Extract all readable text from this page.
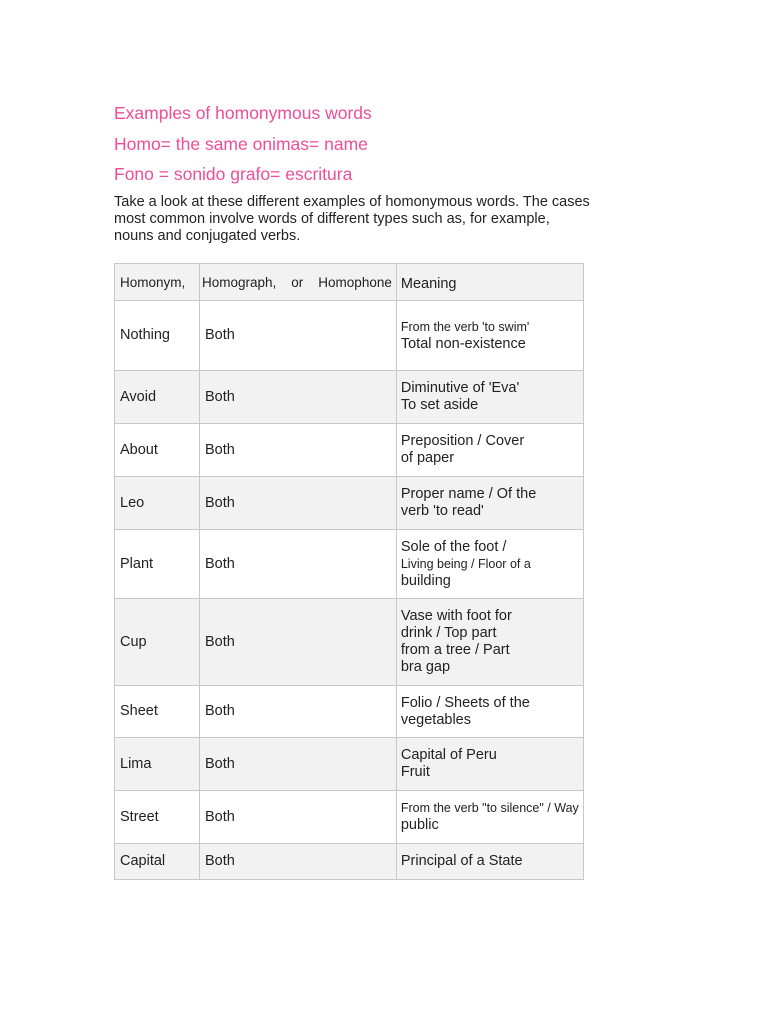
Examples of homonymous words
Homo= the same onimas= name
Fono = sonido grafo= escritura

Take a look at these different examples of homonymous words. The cases
most common involve words of different types such as, for example,
nouns and conjugated verbs.

Homonym,	Homograph,    or    Homophone	Meaning
Nothing	Both	From the verb 'to swim'
Total non-existence

Avoid	Both	Diminutive of 'Eva'
To set aside

About	Both	Preposition / Cover
of paper

Leo	Both	Proper name / Of the
verb 'to read'

Plant	Both	Sole of the foot /
Living being / Floor of a
building

Cup	Both	Vase with foot for
drink / Top part
from a tree / Part
bra gap

Sheet	Both	Folio / Sheets of the
vegetables

Lima	Both	Capital of Peru
Fruit

Street	Both	From the verb "to silence" / Way
public

Capital	Both	Principal of a State
